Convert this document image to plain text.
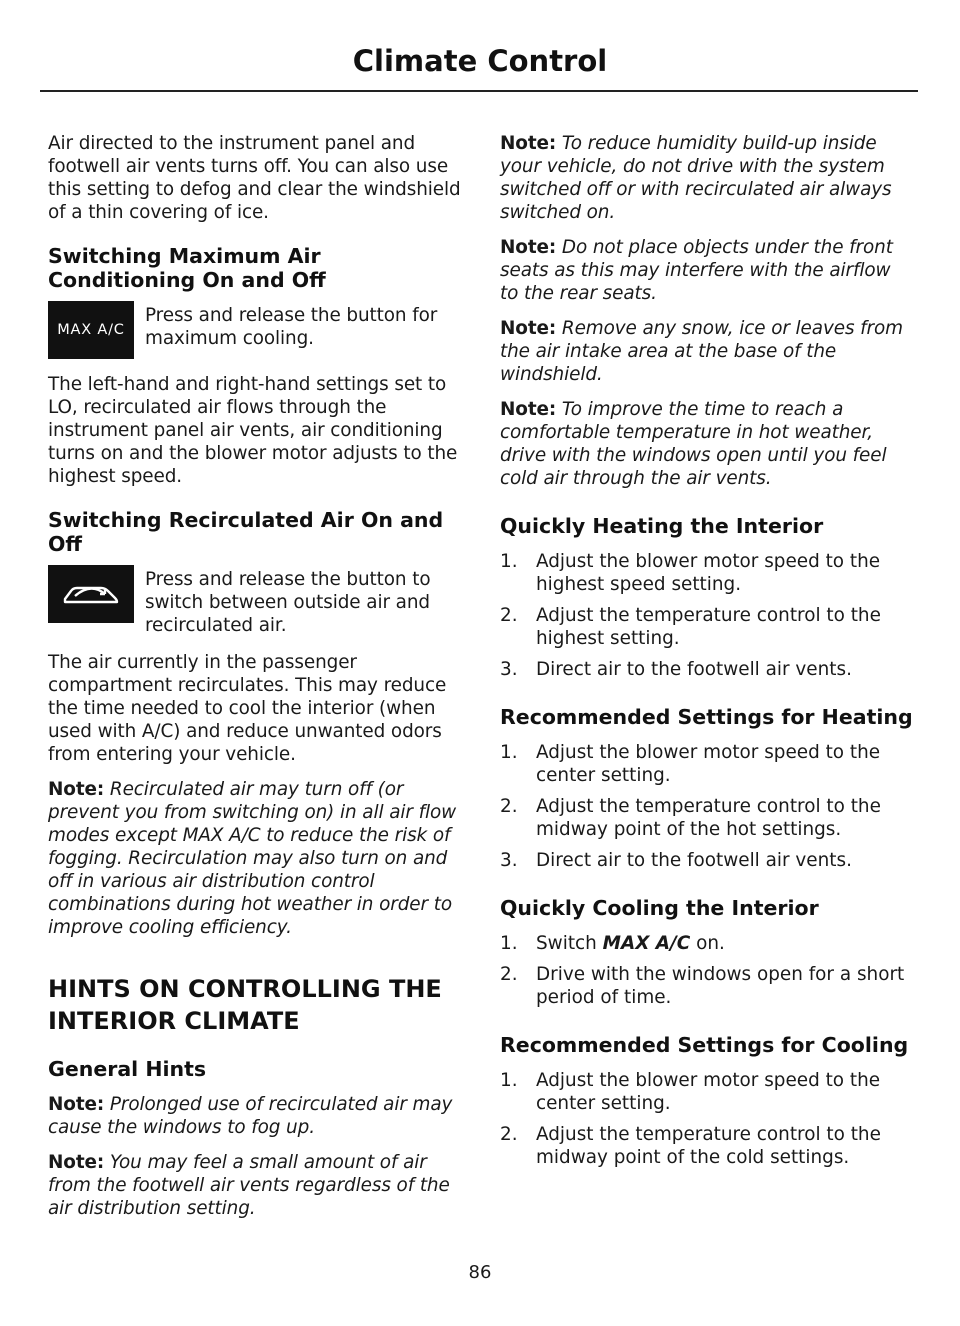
Climate Control

Air directed to the instrument panel and footwell air vents turns off. You can also use this setting to defog and clear the windshield of a thin covering of ice.

Switching Maximum Air Conditioning On and Off
MAX A/C

Press and release the button for maximum cooling.

The left-hand and right-hand settings set to LO, recirculated air flows through the instrument panel air vents, air conditioning turns on and the blower motor adjusts to the highest speed.

Switching Recirculated Air On and Off

Press and release the button to switch between outside air and recirculated air.

The air currently in the passenger compartment recirculates. This may reduce the time needed to cool the interior (when used with A/C) and reduce unwanted odors from entering your vehicle.

Note: Recirculated air may turn off (or prevent you from switching on) in all air flow modes except MAX A/C to reduce the risk of fogging. Recirculation may also turn on and off in various air distribution control combinations during hot weather in order to improve cooling efficiency.

HINTS ON CONTROLLING THE INTERIOR CLIMATE
General Hints

Note: Prolonged use of recirculated air may cause the windows to fog up.

Note: You may feel a small amount of air from the footwell air vents regardless of the air distribution setting.

Note: To reduce humidity build-up inside your vehicle, do not drive with the system switched off or with recirculated air always switched on.

Note: Do not place objects under the front seats as this may interfere with the airflow to the rear seats.

Note: Remove any snow, ice or leaves from the air intake area at the base of the windshield.

Note: To improve the time to reach a comfortable temperature in hot weather, drive with the windows open until you feel cold air through the air vents.

Quickly Heating the Interior
1.	Adjust the blower motor speed to the highest speed setting.
2.	Adjust the temperature control to the highest setting.
3.	Direct air to the footwell air vents.
Recommended Settings for Heating
1.	Adjust the blower motor speed to the center setting.
2.	Adjust the temperature control to the midway point of the hot settings.
3.	Direct air to the footwell air vents.
Quickly Cooling the Interior
1.	Switch MAX A/C on.
2.	Drive with the windows open for a short period of time.
Recommended Settings for Cooling
1.	Adjust the blower motor speed to the center setting.
2.	Adjust the temperature control to the midway point of the cold settings.
86
